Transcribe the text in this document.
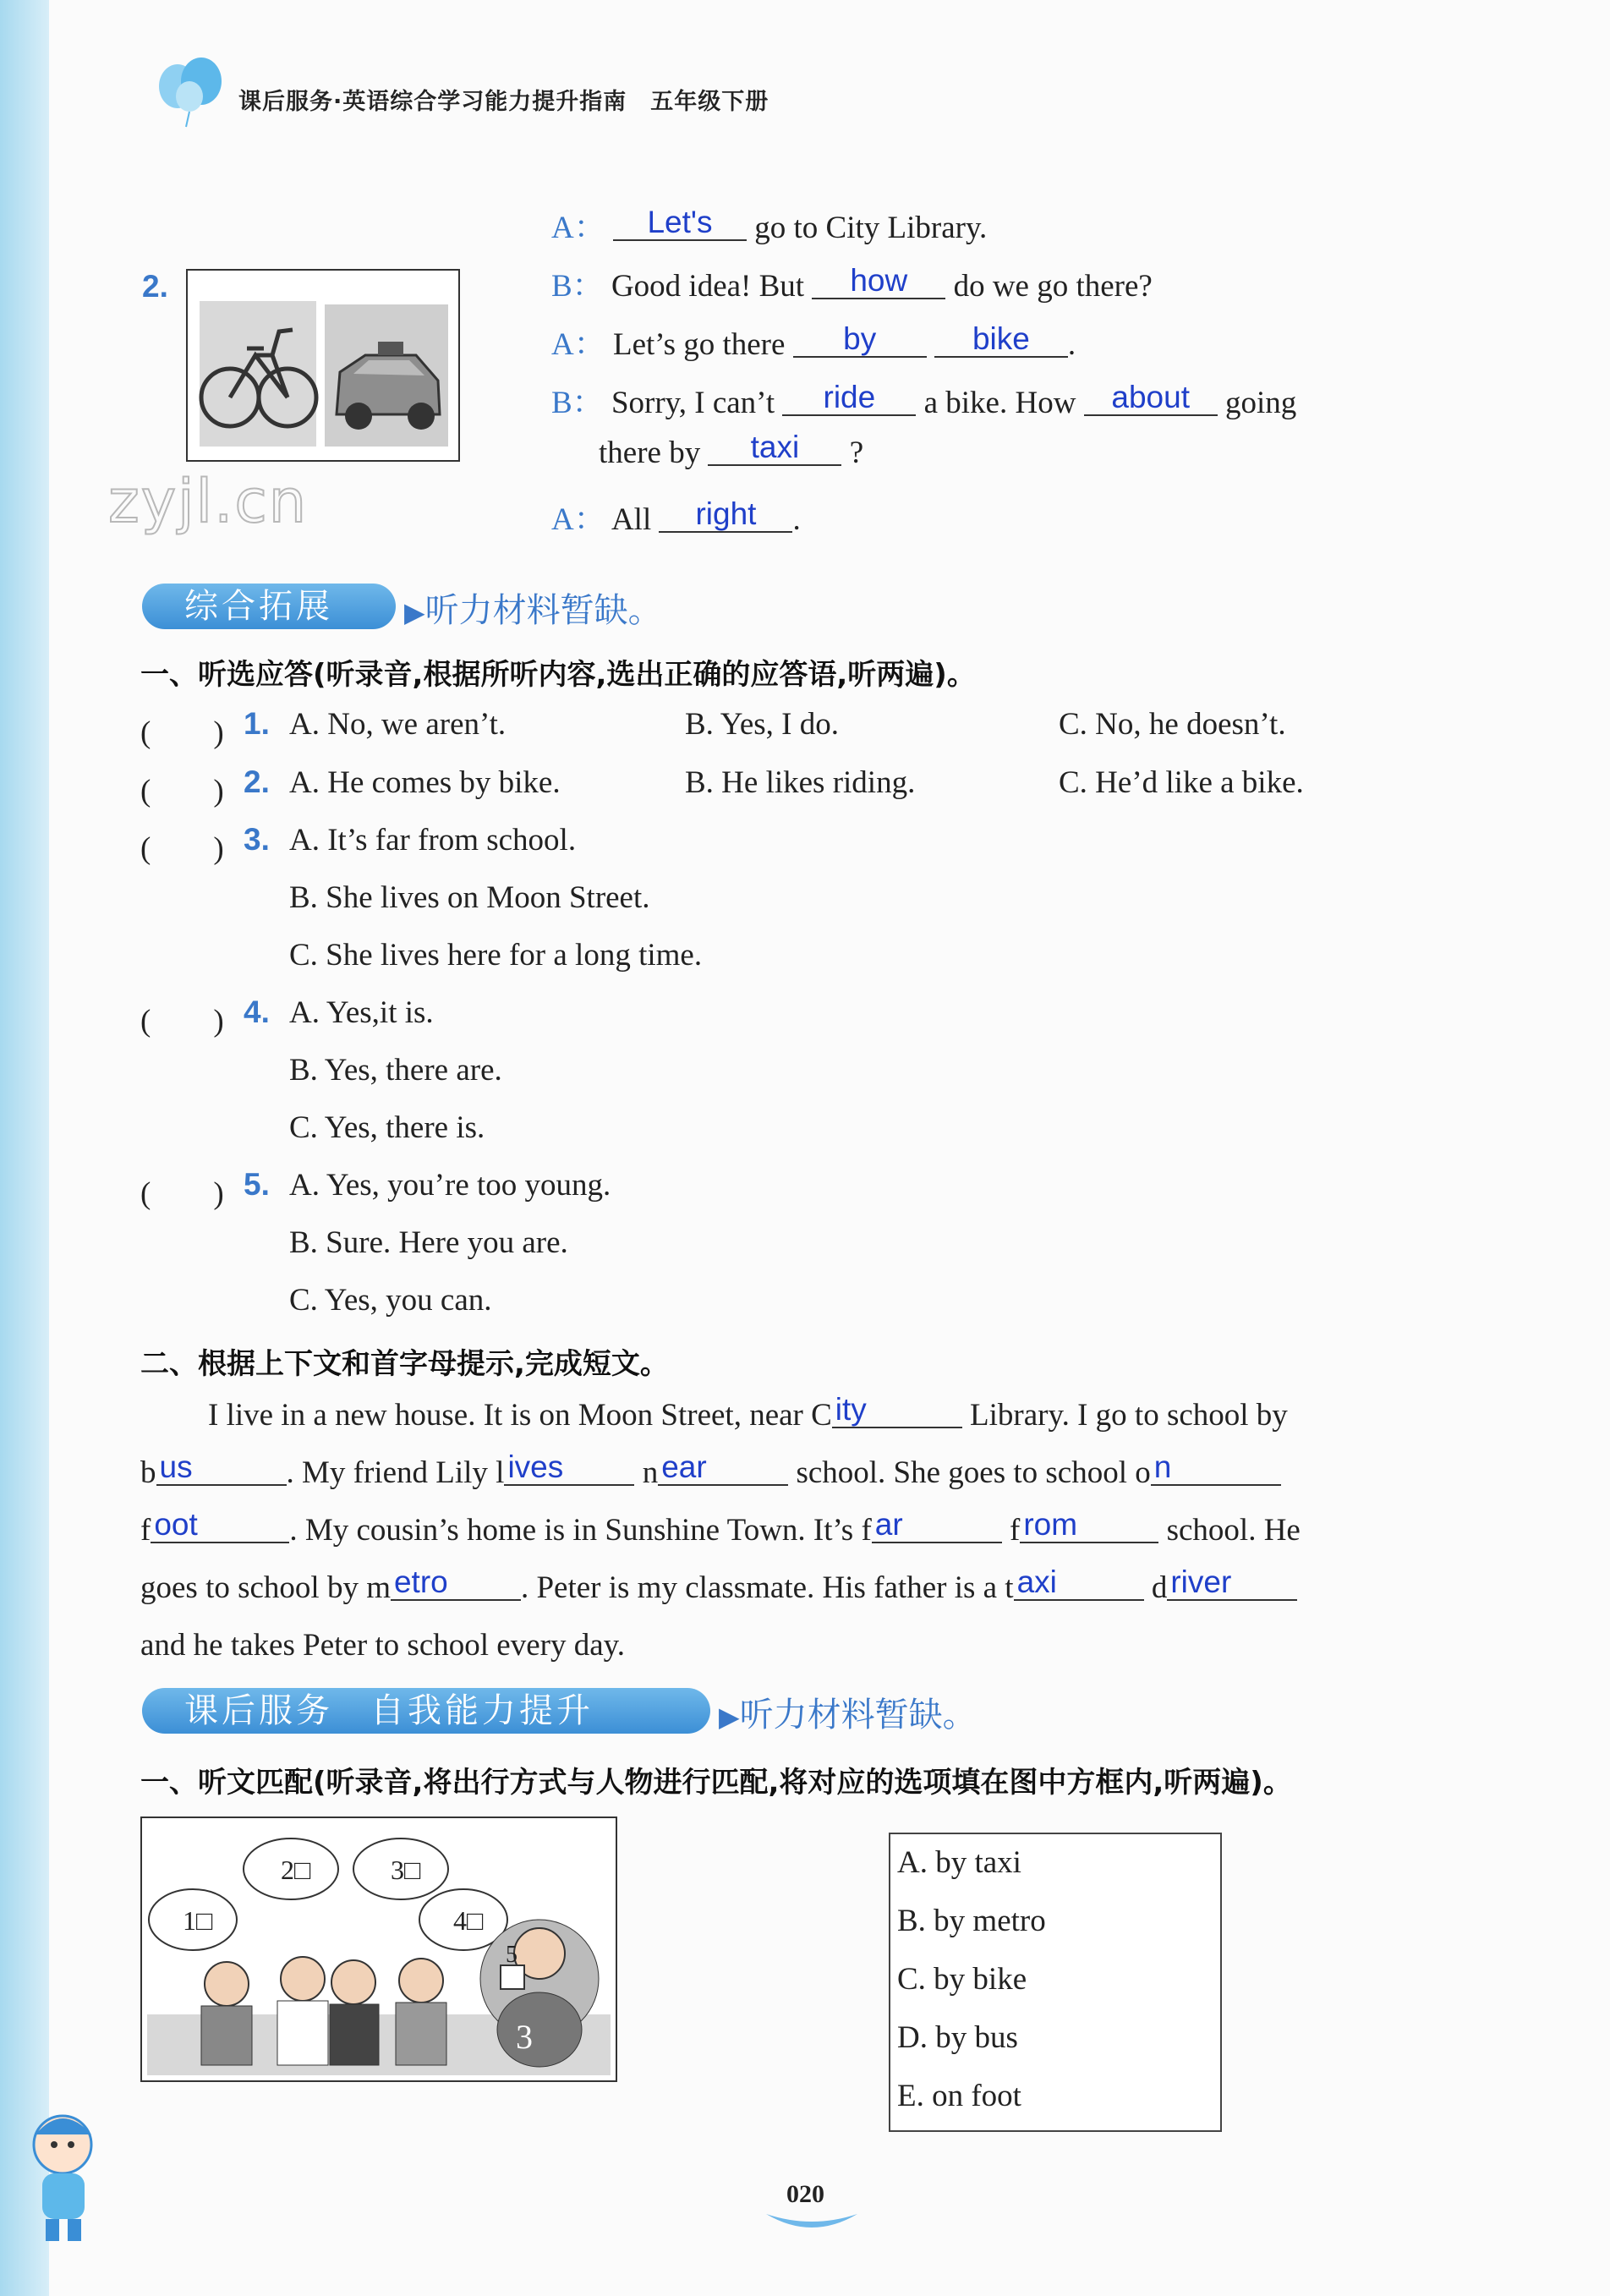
课后服务·英语综合学习能力提升指南　五年级下册
2.
zyjl.cn
A： Let's go to City Library.
B： Good idea! But how do we go there?
A： Let’s go there by	bike .
B： Sorry, I can’t ride a bike. How about going
there by taxi ?
A： All right .
综合拓展	▶听力材料暂缺。
一、听选应答(听录音,根据所听内容,选出正确的应答语,听两遍)。
(　　) 1. A. No, we aren’t.	B. Yes, I do.	C. No, he doesn’t.
(　　) 2. A. He comes by bike.	B. He likes riding.	C. He’d like a bike.
(　　) 3. A. It’s far from school.
B. She lives on Moon Street.
C. She lives here for a long time.
(　　) 4. A. Yes,it is.
B. Yes, there are.
C. Yes, there is.
(　　) 5. A. Yes, you’re too young.
B. Sure. Here you are.
C. Yes, you can.
二、根据上下文和首字母提示,完成短文。
I live in a new house. It is on Moon Street, near C ity	Library. I go to school by
b us	. My friend Lily l ives	n ear	school. She goes to school o n
f oot	. My cousin’s home is in Sunshine Town. It’s f ar	f rom	school. He
goes to school by m etro . Peter is my classmate. His father is a t axi	d river
and he takes Peter to school every day.
课后服务　自我能力提升	▶听力材料暂缺。
一、听文匹配(听录音,将出行方式与人物进行匹配,将对应的选项填在图中方框内,听两遍)。
1□
2□	3□
4□
5
3
A. by taxi
B. by metro
C. by bike
D. by bus
E. on foot
020
